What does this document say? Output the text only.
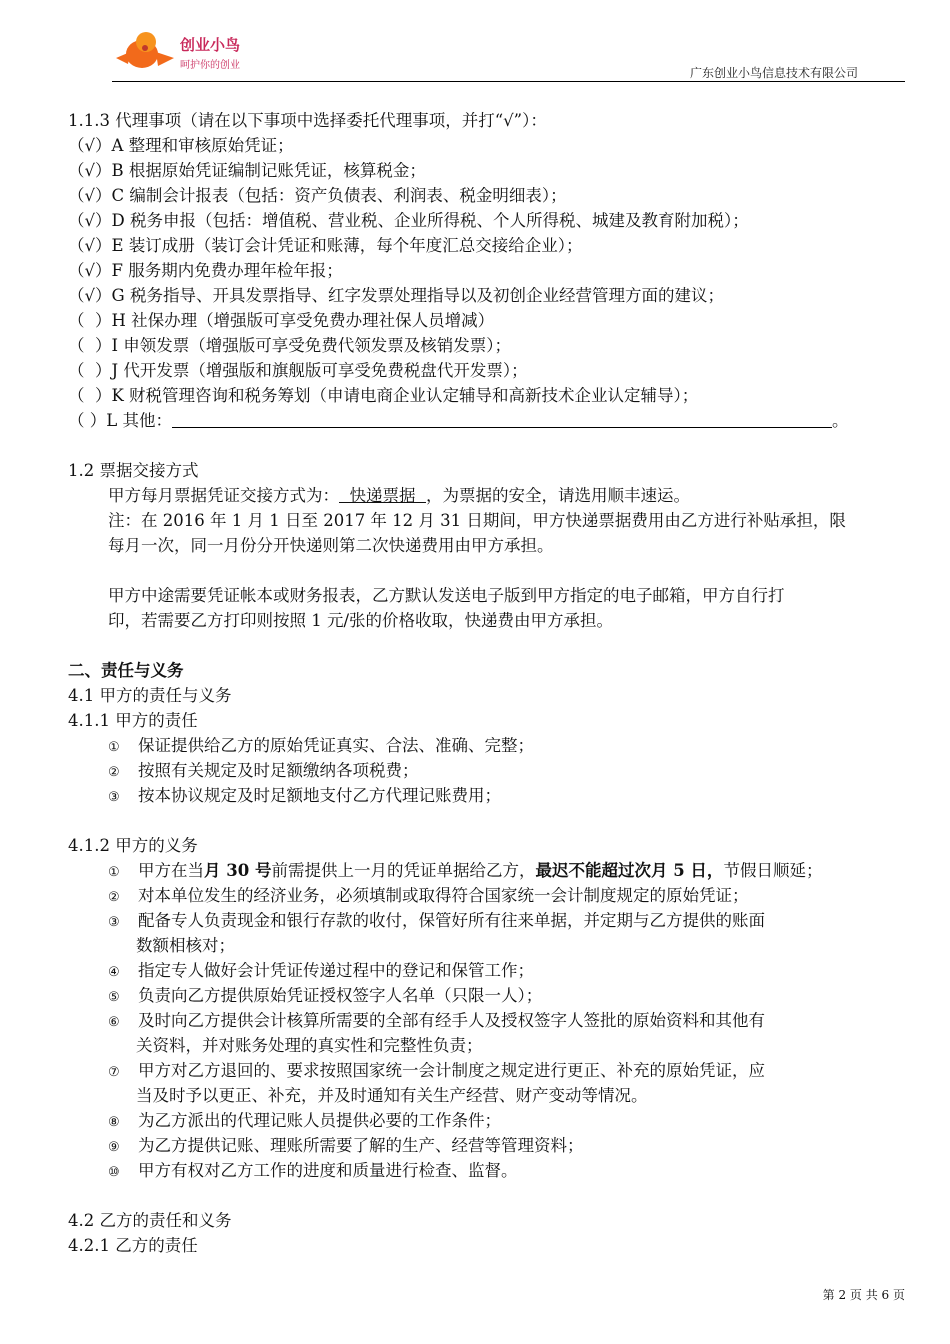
创业小鸟
呵护你的创业
广东创业小鸟信息技术有限公司
1.1.3 代理事项（请在以下事项中选择委托代理事项，并打“√”）：
（√）A 整理和审核原始凭证；
（√）B 根据原始凭证编制记账凭证，核算税金；
（√）C 编制会计报表（包括：资产负债表、利润表、税金明细表）；
（√）D 税务申报（包括：增值税、营业税、企业所得税、个人所得税、城建及教育附加税）；
（√）E 装订成册（装订会计凭证和账薄，每个年度汇总交接给企业）；
（√）F 服务期内免费办理年检年报；
（√）G 税务指导、开具发票指导、红字发票处理指导以及初创企业经营管理方面的建议；
（  ）H 社保办理（增强版可享受免费办理社保人员增减）
（  ）I 申领发票（增强版可享受免费代领发票及核销发票）；
（  ）J 代开发票（增强版和旗舰版可享受免费税盘代开发票）；
（  ）K 财税管理咨询和税务筹划（申请电商企业认定辅导和高新技术企业认定辅导）；
（ ）L 其他：	。
1.2 票据交接方式
甲方每月票据凭证交接方式为：  快递票据  ，为票据的安全，请选用顺丰速运。
注：在 2016 年 1 月 1 日至 2017 年 12 月 31 日期间，甲方快递票据费用由乙方进行补贴承担，限
每月一次，同一月份分开快递则第二次快递费用由甲方承担。
甲方中途需要凭证帐本或财务报表，乙方默认发送电子版到甲方指定的电子邮箱，甲方自行打
印，若需要乙方打印则按照 1 元/张的价格收取，快递费由甲方承担。
二、责任与义务
4.1 甲方的责任与义务
4.1.1 甲方的责任
① 保证提供给乙方的原始凭证真实、合法、准确、完整；
② 按照有关规定及时足额缴纳各项税费；
③ 按本协议规定及时足额地支付乙方代理记账费用；
4.1.2 甲方的义务
① 甲方在当月 30 号前需提供上一月的凭证单据给乙方，最迟不能超过次月 5 日，节假日顺延；
② 对本单位发生的经济业务，必须填制或取得符合国家统一会计制度规定的原始凭证；
③ 配备专人负责现金和银行存款的收付，保管好所有往来单据，并定期与乙方提供的账面
数额相核对；
④ 指定专人做好会计凭证传递过程中的登记和保管工作；
⑤ 负责向乙方提供原始凭证授权签字人名单（只限一人）；
⑥ 及时向乙方提供会计核算所需要的全部有经手人及授权签字人签批的原始资料和其他有
关资料，并对账务处理的真实性和完整性负责；
⑦ 甲方对乙方退回的、要求按照国家统一会计制度之规定进行更正、补充的原始凭证，应
当及时予以更正、补充，并及时通知有关生产经营、财产变动等情况。
⑧ 为乙方派出的代理记账人员提供必要的工作条件；
⑨ 为乙方提供记账、理账所需要了解的生产、经营等管理资料；
⑩ 甲方有权对乙方工作的进度和质量进行检查、监督。
4.2 乙方的责任和义务
4.2.1 乙方的责任
第 2 页 共 6 页
